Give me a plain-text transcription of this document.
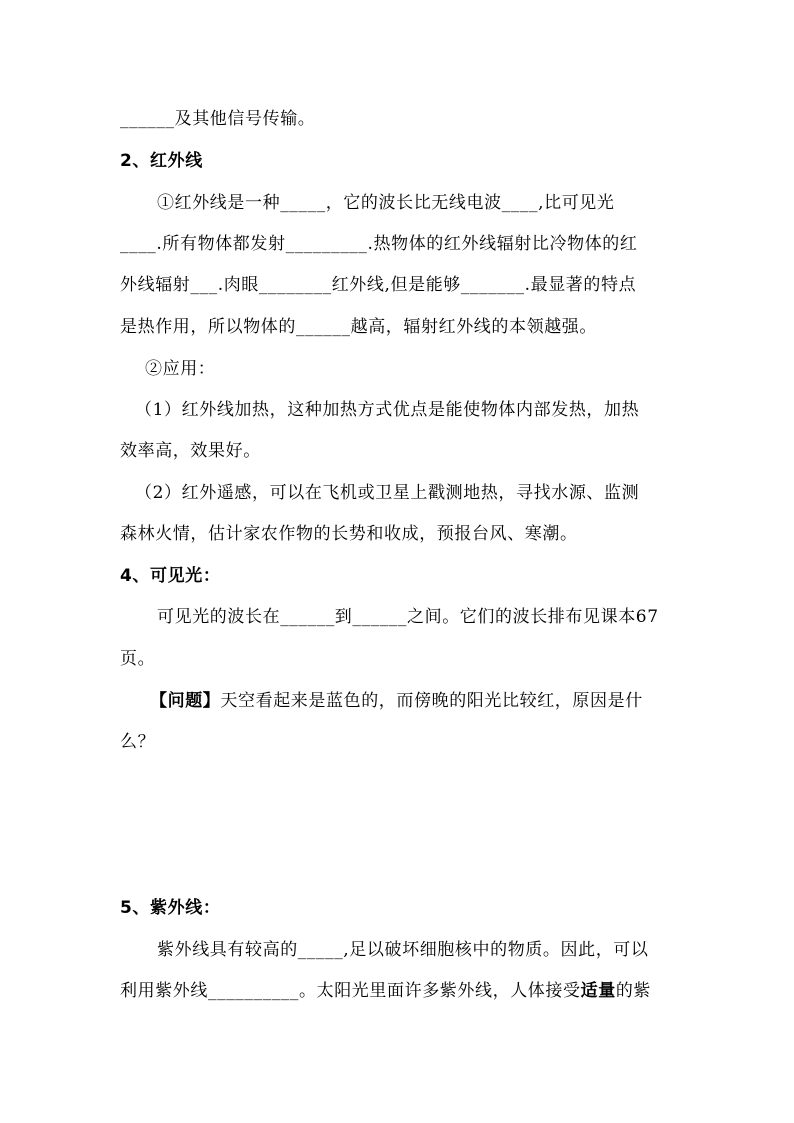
______及其他信号传输。
2、红外线
①红外线是一种_____，它的波长比无线电波____,比可见光
____.所有物体都发射_________.热物体的红外线辐射比冷物体的红
外线辐射___.肉眼________红外线,但是能够_______.最显著的特点
是热作用，所以物体的______越高，辐射红外线的本领越强。
②应用：
（1）红外线加热，这种加热方式优点是能使物体内部发热，加热
效率高，效果好。
（2）红外遥感，可以在飞机或卫星上戳测地热，寻找水源、监测
森林火情，估计家农作物的长势和收成，预报台风、寒潮。
4、可见光：
可见光的波长在______到______之间。它们的波长排布见课本67
页。
【问题】天空看起来是蓝色的，而傍晚的阳光比较红，原因是什
么？
5、紫外线：
紫外线具有较高的_____,足以破坏细胞核中的物质。因此，可以
利用紫外线__________。太阳光里面许多紫外线，人体接受适量的紫
